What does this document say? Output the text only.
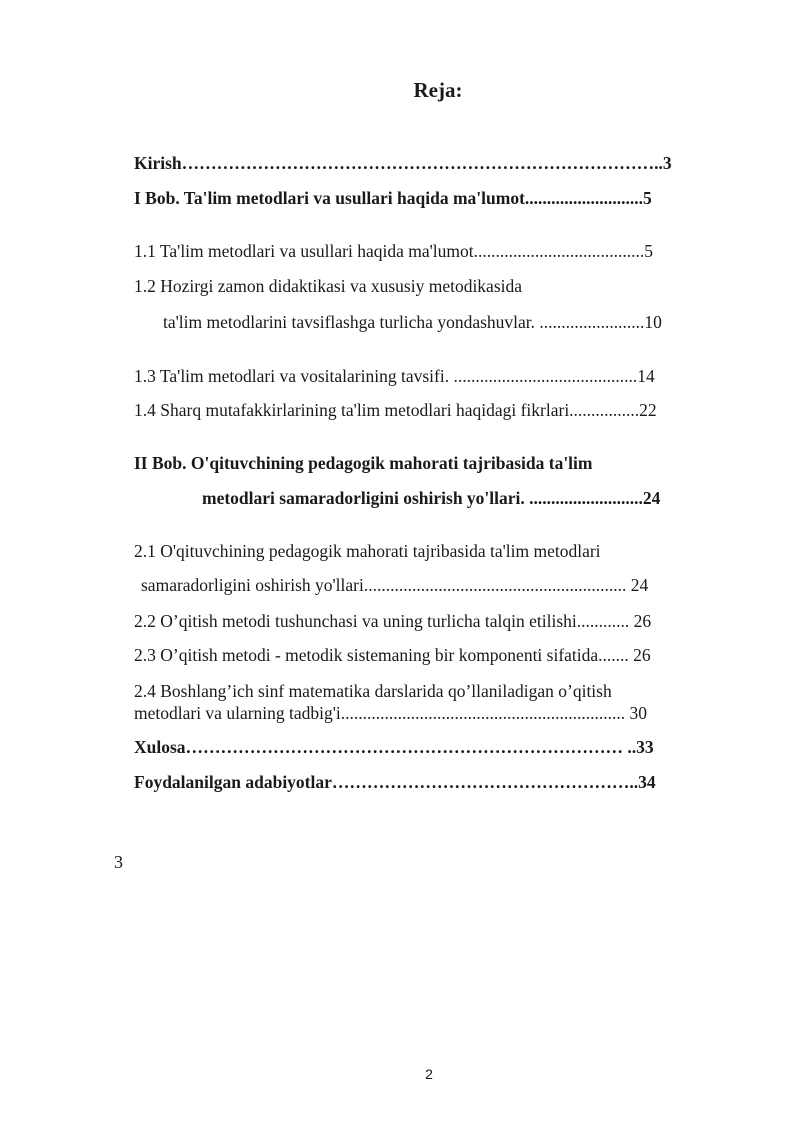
Reja:
Kirish………………………………………………………………………..3
I Bob. Ta'lim metodlari va usullari haqida ma'lumot...........................5
1.1 Ta'lim metodlari va usullari haqida ma'lumot.......................................5
1.2 Hozirgi zamon didaktikasi va xususiy metodikasida
ta'lim metodlarini tavsiflashga turlicha yondashuvlar. ........................10
1.3 Ta'lim metodlari va vositalarining tavsifi. ..........................................14
1.4 Sharq mutafakkirlarining ta'lim metodlari haqidagi fikrlari................22
II Bob. O'qituvchining pedagogik mahorati tajribasida ta'lim
metodlari samaradorligini oshirish yo'llari. ..........................24
2.1 O'qituvchining pedagogik mahorati tajribasida ta'lim metodlari
samaradorligini oshirish yo'llari............................................................ 24
2.2 O’qitish metodi tushunchasi va uning turlicha talqin etilishi............ 26
2.3 O’qitish metodi - metodik sistemaning bir komponenti sifatida....... 26
2.4 Boshlang’ich sinf matematika darslarida qo’llaniladigan o’qitish
metodlari va ularning tadbig'i................................................................. 30
Xulosa………………………………………………………………… ..33
Foydalanilgan adabiyotlar……………………………………………..34
3
2
